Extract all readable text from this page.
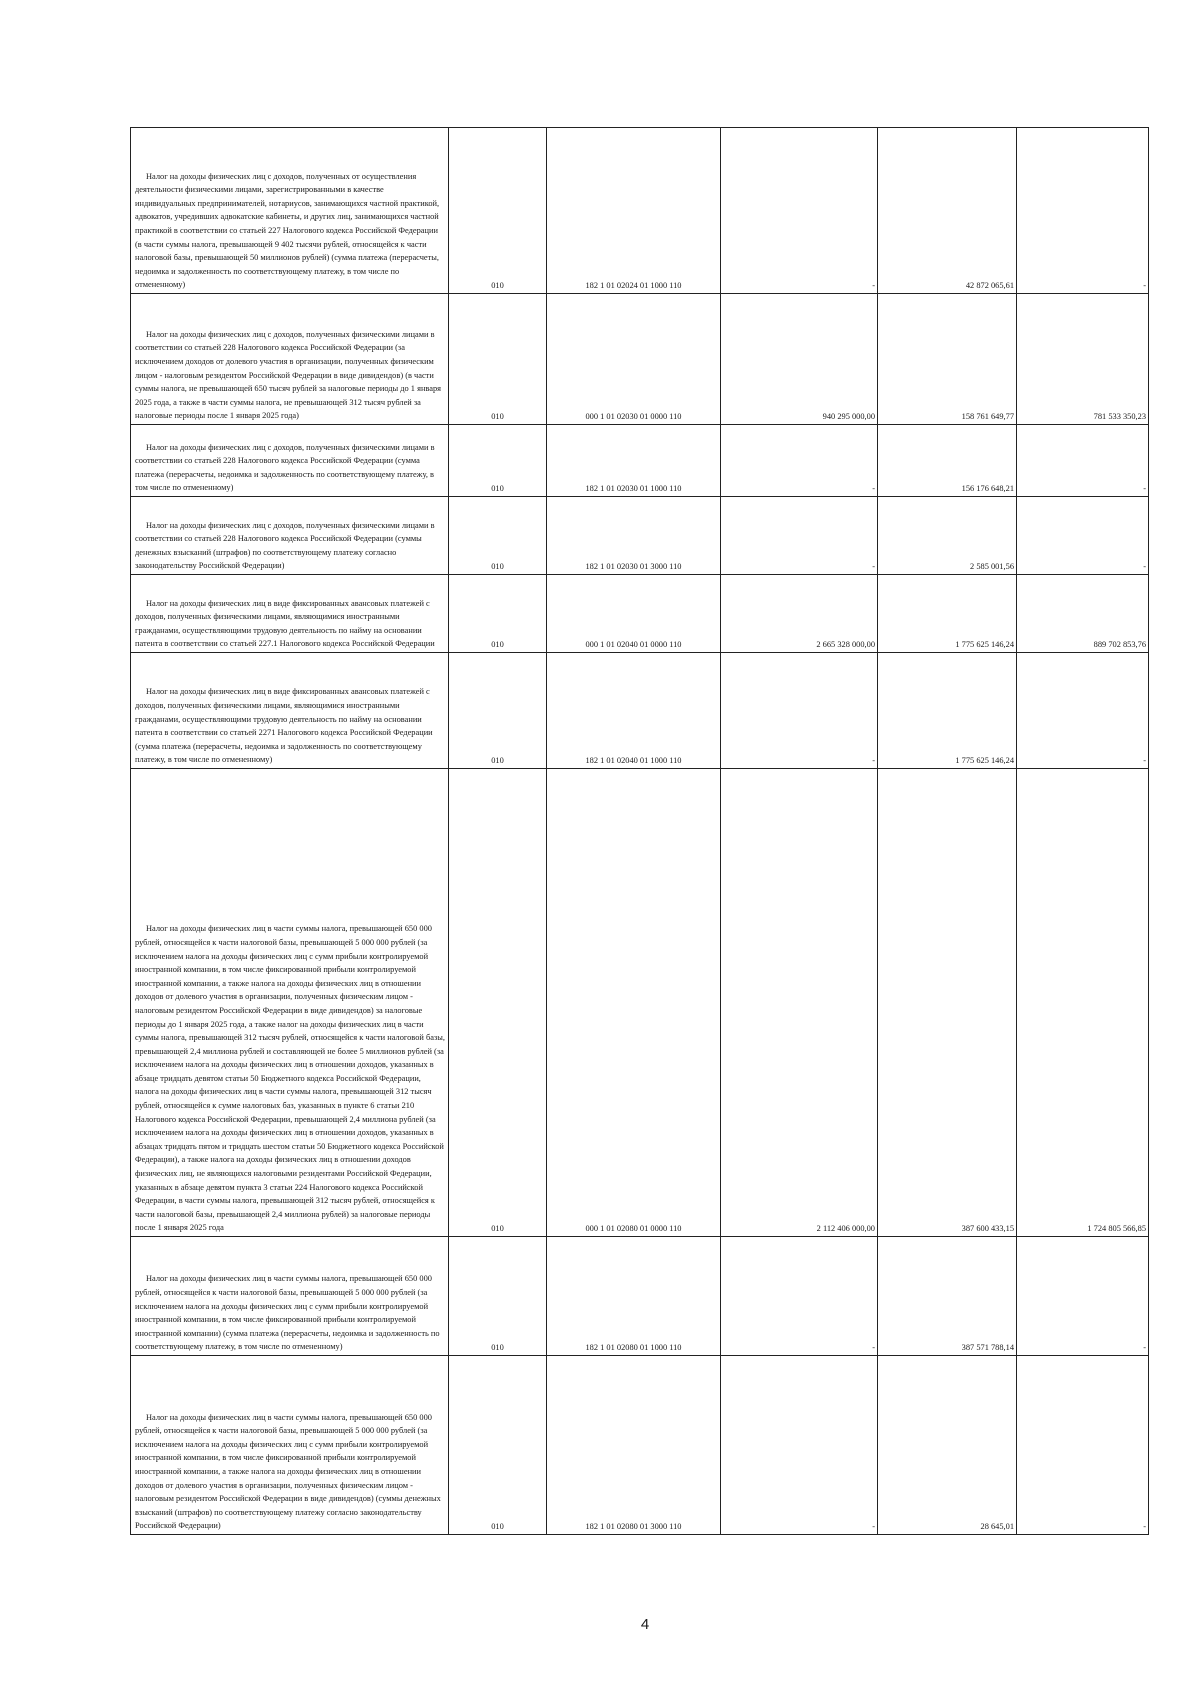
Налог на доходы физических лиц с доходов, полученных от осуществления деятельности физическими лицами, зарегистрированными в качестве индивидуальных предпринимателей, нотариусов, занимающихся частной практикой, адвокатов, учредивших адвокатские кабинеты, и других лиц, занимающихся частной практикой в соответствии со статьей 227 Налогового кодекса Российской Федерации (в части суммы налога, превышающей 9 402 тысячи рублей, относящейся к части налоговой базы, превышающей 50 миллионов рублей) (сумма платежа (перерасчеты, недоимка и задолженность по соответствующему платежу, в том числе по отмененному)	010	182 1 01 02024 01 1000 110	-	42 872 065,61	-

Налог на доходы физических лиц с доходов, полученных физическими лицами в соответствии со статьей 228 Налогового кодекса Российской Федерации (за исключением доходов от долевого участия в организации, полученных физическим лицом - налоговым резидентом Российской Федерации в виде дивидендов) (в части суммы налога, не превышающей 650 тысяч рублей за налоговые периоды до 1 января 2025 года, а также в части суммы налога, не превышающей 312 тысяч рублей за налоговые периоды после 1 января 2025 года)	010	000 1 01 02030 01 0000 110	940 295 000,00	158 761 649,77	781 533 350,23

Налог на доходы физических лиц с доходов, полученных физическими лицами в соответствии со статьей 228 Налогового кодекса Российской Федерации (сумма платежа (перерасчеты, недоимка и задолженность по соответствующему платежу, в том числе по отмененному)	010	182 1 01 02030 01 1000 110	-	156 176 648,21	-

Налог на доходы физических лиц с доходов, полученных физическими лицами в соответствии со статьей 228 Налогового кодекса Российской Федерации (суммы денежных взысканий (штрафов) по соответствующему платежу согласно законодательству Российской Федерации)	010	182 1 01 02030 01 3000 110	-	2 585 001,56	-

Налог на доходы физических лиц в виде фиксированных авансовых платежей с доходов, полученных физическими лицами, являющимися иностранными гражданами, осуществляющими трудовую деятельность по найму на основании патента в соответствии со статьей 227.1 Налогового кодекса Российской Федерации	010	000 1 01 02040 01 0000 110	2 665 328 000,00	1 775 625 146,24	889 702 853,76

Налог на доходы физических лиц в виде фиксированных авансовых платежей с доходов, полученных физическими лицами, являющимися иностранными гражданами, осуществляющими трудовую деятельность по найму на основании патента в соответствии со статьей 2271 Налогового кодекса Российской Федерации (сумма платежа (перерасчеты, недоимка и задолженность по соответствующему платежу, в том числе по отмененному)	010	182 1 01 02040 01 1000 110	-	1 775 625 146,24	-

Налог на доходы физических лиц в части суммы налога, превышающей 650 000 рублей, относящейся к части налоговой базы, превышающей 5 000 000 рублей (за исключением налога на доходы физических лиц с сумм прибыли контролируемой иностранной компании, в том числе фиксированной прибыли контролируемой иностранной компании, а также налога на доходы физических лиц в отношении доходов от долевого участия в организации, полученных физическим лицом - налоговым резидентом Российской Федерации в виде дивидендов) за налоговые периоды до 1 января 2025 года, а также налог на доходы физических лиц в части суммы налога, превышающей 312 тысяч рублей, относящейся к части налоговой базы, превышающей 2,4 миллиона рублей и составляющей не более 5 миллионов рублей (за исключением налога на доходы физических лиц в отношении доходов, указанных в абзаце тридцать девятом статьи 50 Бюджетного кодекса Российской Федерации, налога на доходы физических лиц в части суммы налога, превышающей 312 тысяч рублей, относящейся к сумме налоговых баз, указанных в пункте 6 статьи 210 Налогового кодекса Российской Федерации, превышающей 2,4 миллиона рублей (за исключением налога на доходы физических лиц в отношении доходов, указанных в абзацах тридцать пятом и тридцать шестом статьи 50 Бюджетного кодекса Российской Федерации), а также налога на доходы физических лиц в отношении доходов физических лиц, не являющихся налоговыми резидентами Российской Федерации, указанных в абзаце девятом пункта 3 статьи 224 Налогового кодекса Российской Федерации, в части суммы налога, превышающей 312 тысяч рублей, относящейся к части налоговой базы, превышающей 2,4 миллиона рублей) за налоговые периоды после 1 января 2025 года	010	000 1 01 02080 01 0000 110	2 112 406 000,00	387 600 433,15	1 724 805 566,85

Налог на доходы физических лиц в части суммы налога, превышающей 650 000 рублей, относящейся к части налоговой базы, превышающей 5 000 000 рублей (за исключением налога на доходы физических лиц с сумм прибыли контролируемой иностранной компании, в том числе фиксированной прибыли контролируемой иностранной компании) (сумма платежа (перерасчеты, недоимка и задолженность по соответствующему платежу, в том числе по отмененному)	010	182 1 01 02080 01 1000 110	-	387 571 788,14	-

Налог на доходы физических лиц в части суммы налога, превышающей 650 000 рублей, относящейся к части налоговой базы, превышающей 5 000 000 рублей (за исключением налога на доходы физических лиц с сумм прибыли контролируемой иностранной компании, в том числе фиксированной прибыли контролируемой иностранной компании, а также налога на доходы физических лиц в отношении доходов от долевого участия в организации, полученных физическим лицом - налоговым резидентом Российской Федерации в виде дивидендов) (суммы денежных взысканий (штрафов) по соответствующему платежу согласно законодательству Российской Федерации)	010	182 1 01 02080 01 3000 110	-	28 645,01	-
4
